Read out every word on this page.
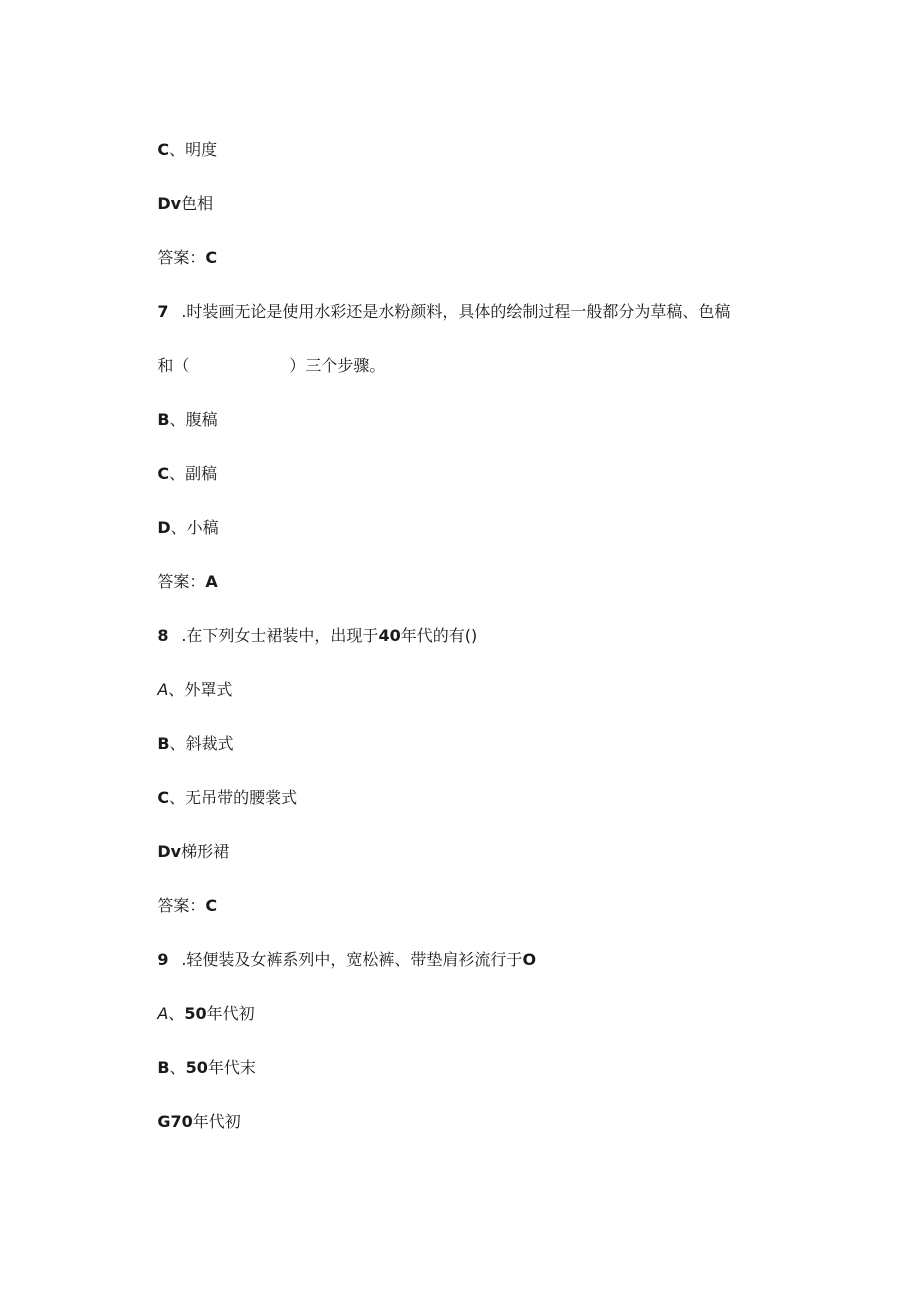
C、明度

Dv色相

答案：C

7 .时装画无论是使用水彩还是水粉颜料，具体的绘制过程一般都分为草稿、色稿

和（	）三个步骤。

B、腹稿

C、副稿

D、小稿

答案：A

8 .在下列女士裙装中，出现于40年代的有()

A、外罩式

B、斜裁式

C、无吊带的腰裳式

Dv梯形裙

答案：C

9 .轻便装及女裤系列中，宽松裤、带垫肩衫流行于O

A、50年代初

B、50年代末

G70年代初
